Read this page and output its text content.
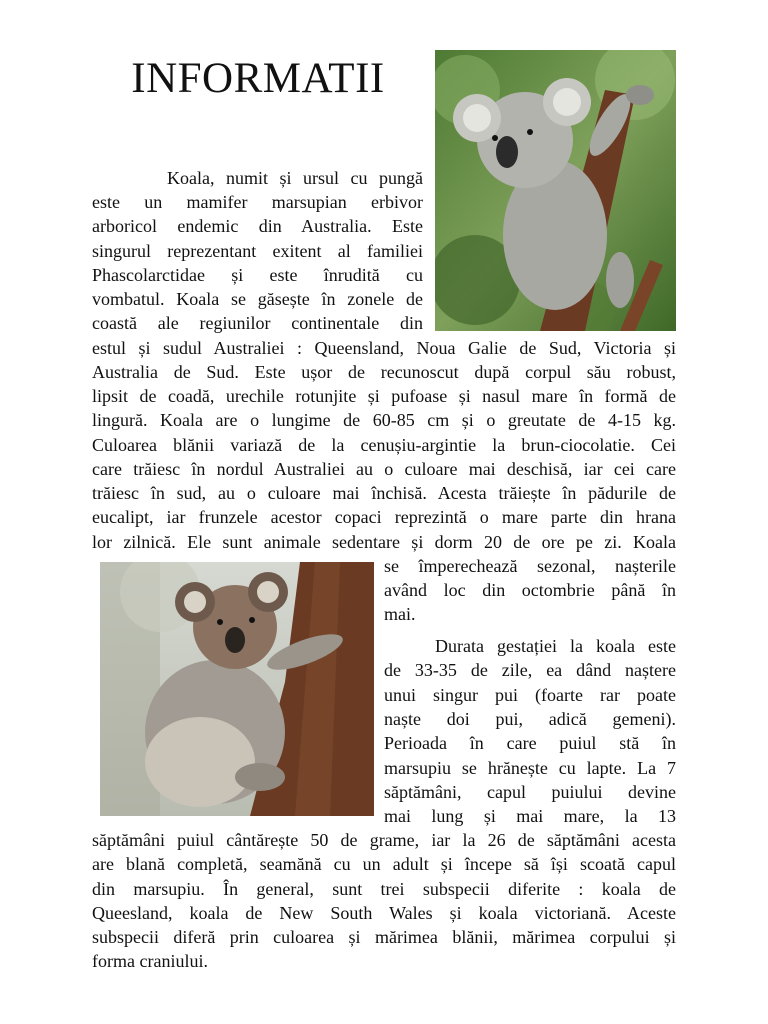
INFORMATII
Koala, numit și ursul cu pungă
este un mamifer marsupian erbivor
arboricol endemic din Australia. Este
singurul reprezentant exitent al familiei
Phascolarctidae și este înrudită cu
vombatul. Koala se găsește în zonele de
coastă ale regiunilor continentale din
estul și sudul Australiei : Queensland, Noua Galie de Sud, Victoria și
Australia de Sud. Este ușor de recunoscut după corpul său robust,
lipsit de coadă, urechile rotunjite și pufoase și nasul mare în formă de
lingură. Koala are o lungime de 60-85 cm și o greutate de 4-15 kg.
Culoarea blănii variază de la cenușiu-argintie la brun-ciocolatie. Cei
care trăiesc în nordul Australiei au o culoare mai deschisă, iar cei care
trăiesc în sud, au o culoare mai închisă. Acesta trăiește în pădurile de
eucalipt, iar frunzele acestor copaci reprezintă o mare parte din hrana
lor zilnică. Ele sunt animale sedentare și dorm 20 de ore pe zi. Koala
se împerechează sezonal, nașterile
având loc din octombrie până în
mai.
Durata gestației la koala este
de 33-35 de zile, ea dând naștere
unui singur pui (foarte rar poate
naște doi pui, adică gemeni).
Perioada în care puiul stă în
marsupiu se hrănește cu lapte. La 7
săptămâni, capul puiului devine
mai lung și mai mare, la 13
săptămâni puiul cântărește 50 de grame, iar la 26 de săptămâni acesta
are blană completă, seamănă cu un adult și începe să își scoată capul
din marsupiu. În general, sunt trei subspecii diferite : koala de
Queesland, koala de New South Wales și koala victoriană. Aceste
subspecii diferă prin culoarea și mărimea blănii, mărimea corpului și
forma craniului.
